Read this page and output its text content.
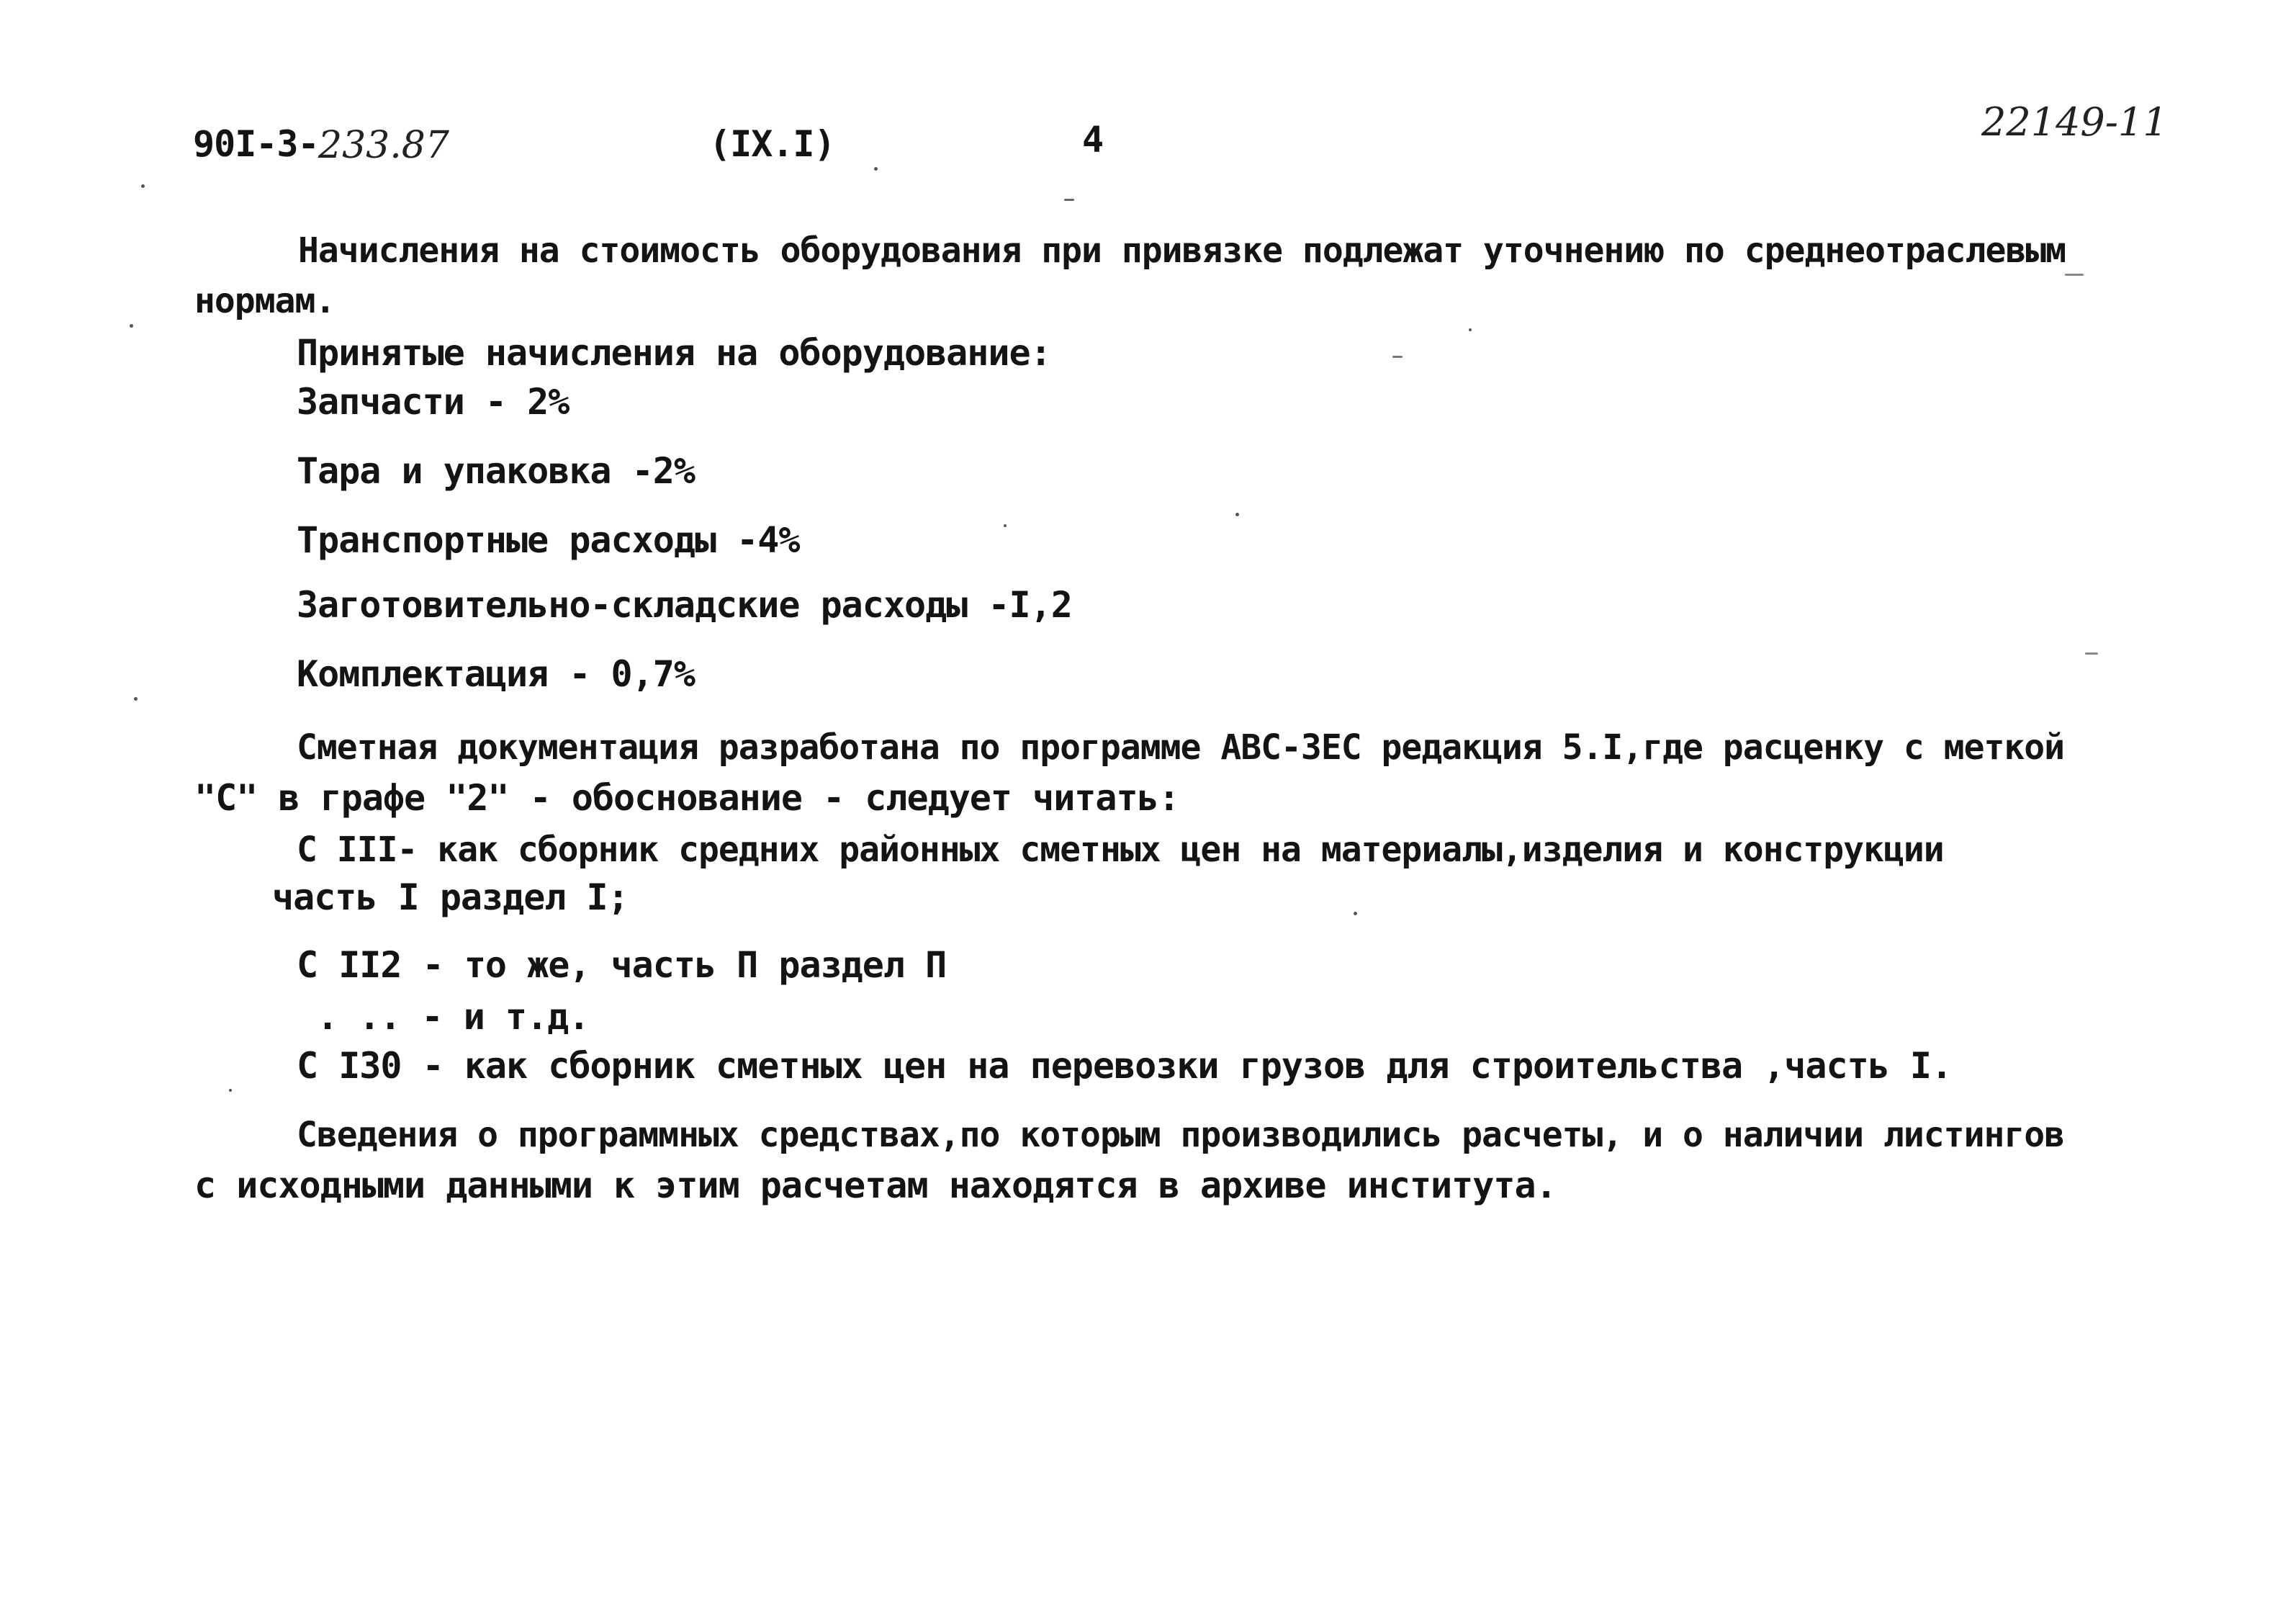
90I-3- 233.87	(IX.I)	4	22149-11
Начисления на стоимость оборудования при привязке подлежат уточнению по среднеотраслевым
нормам.
Принятые начисления на оборудование:
Запчасти - 2%
Тара и упаковка -2%
Транспортные расходы -4%
Заготовительно-складские расходы -I,2
Комплектация - 0,7%
Сметная документация разработана по программе АВС-ЗЕС редакция 5.I,где расценку с меткой
"С" в графе "2" - обоснование - следует читать:
С III- как сборник средних районных сметных цен на материалы,изделия и конструкции
часть I раздел I;
С II2 - то же, часть П раздел П
. .. - и т.д.
С I30 - как сборник сметных цен на перевозки грузов для строительства ,часть I.
Сведения о программных средствах,по которым производились расчеты, и о наличии листингов
с исходными данными к этим расчетам находятся в архиве института.
